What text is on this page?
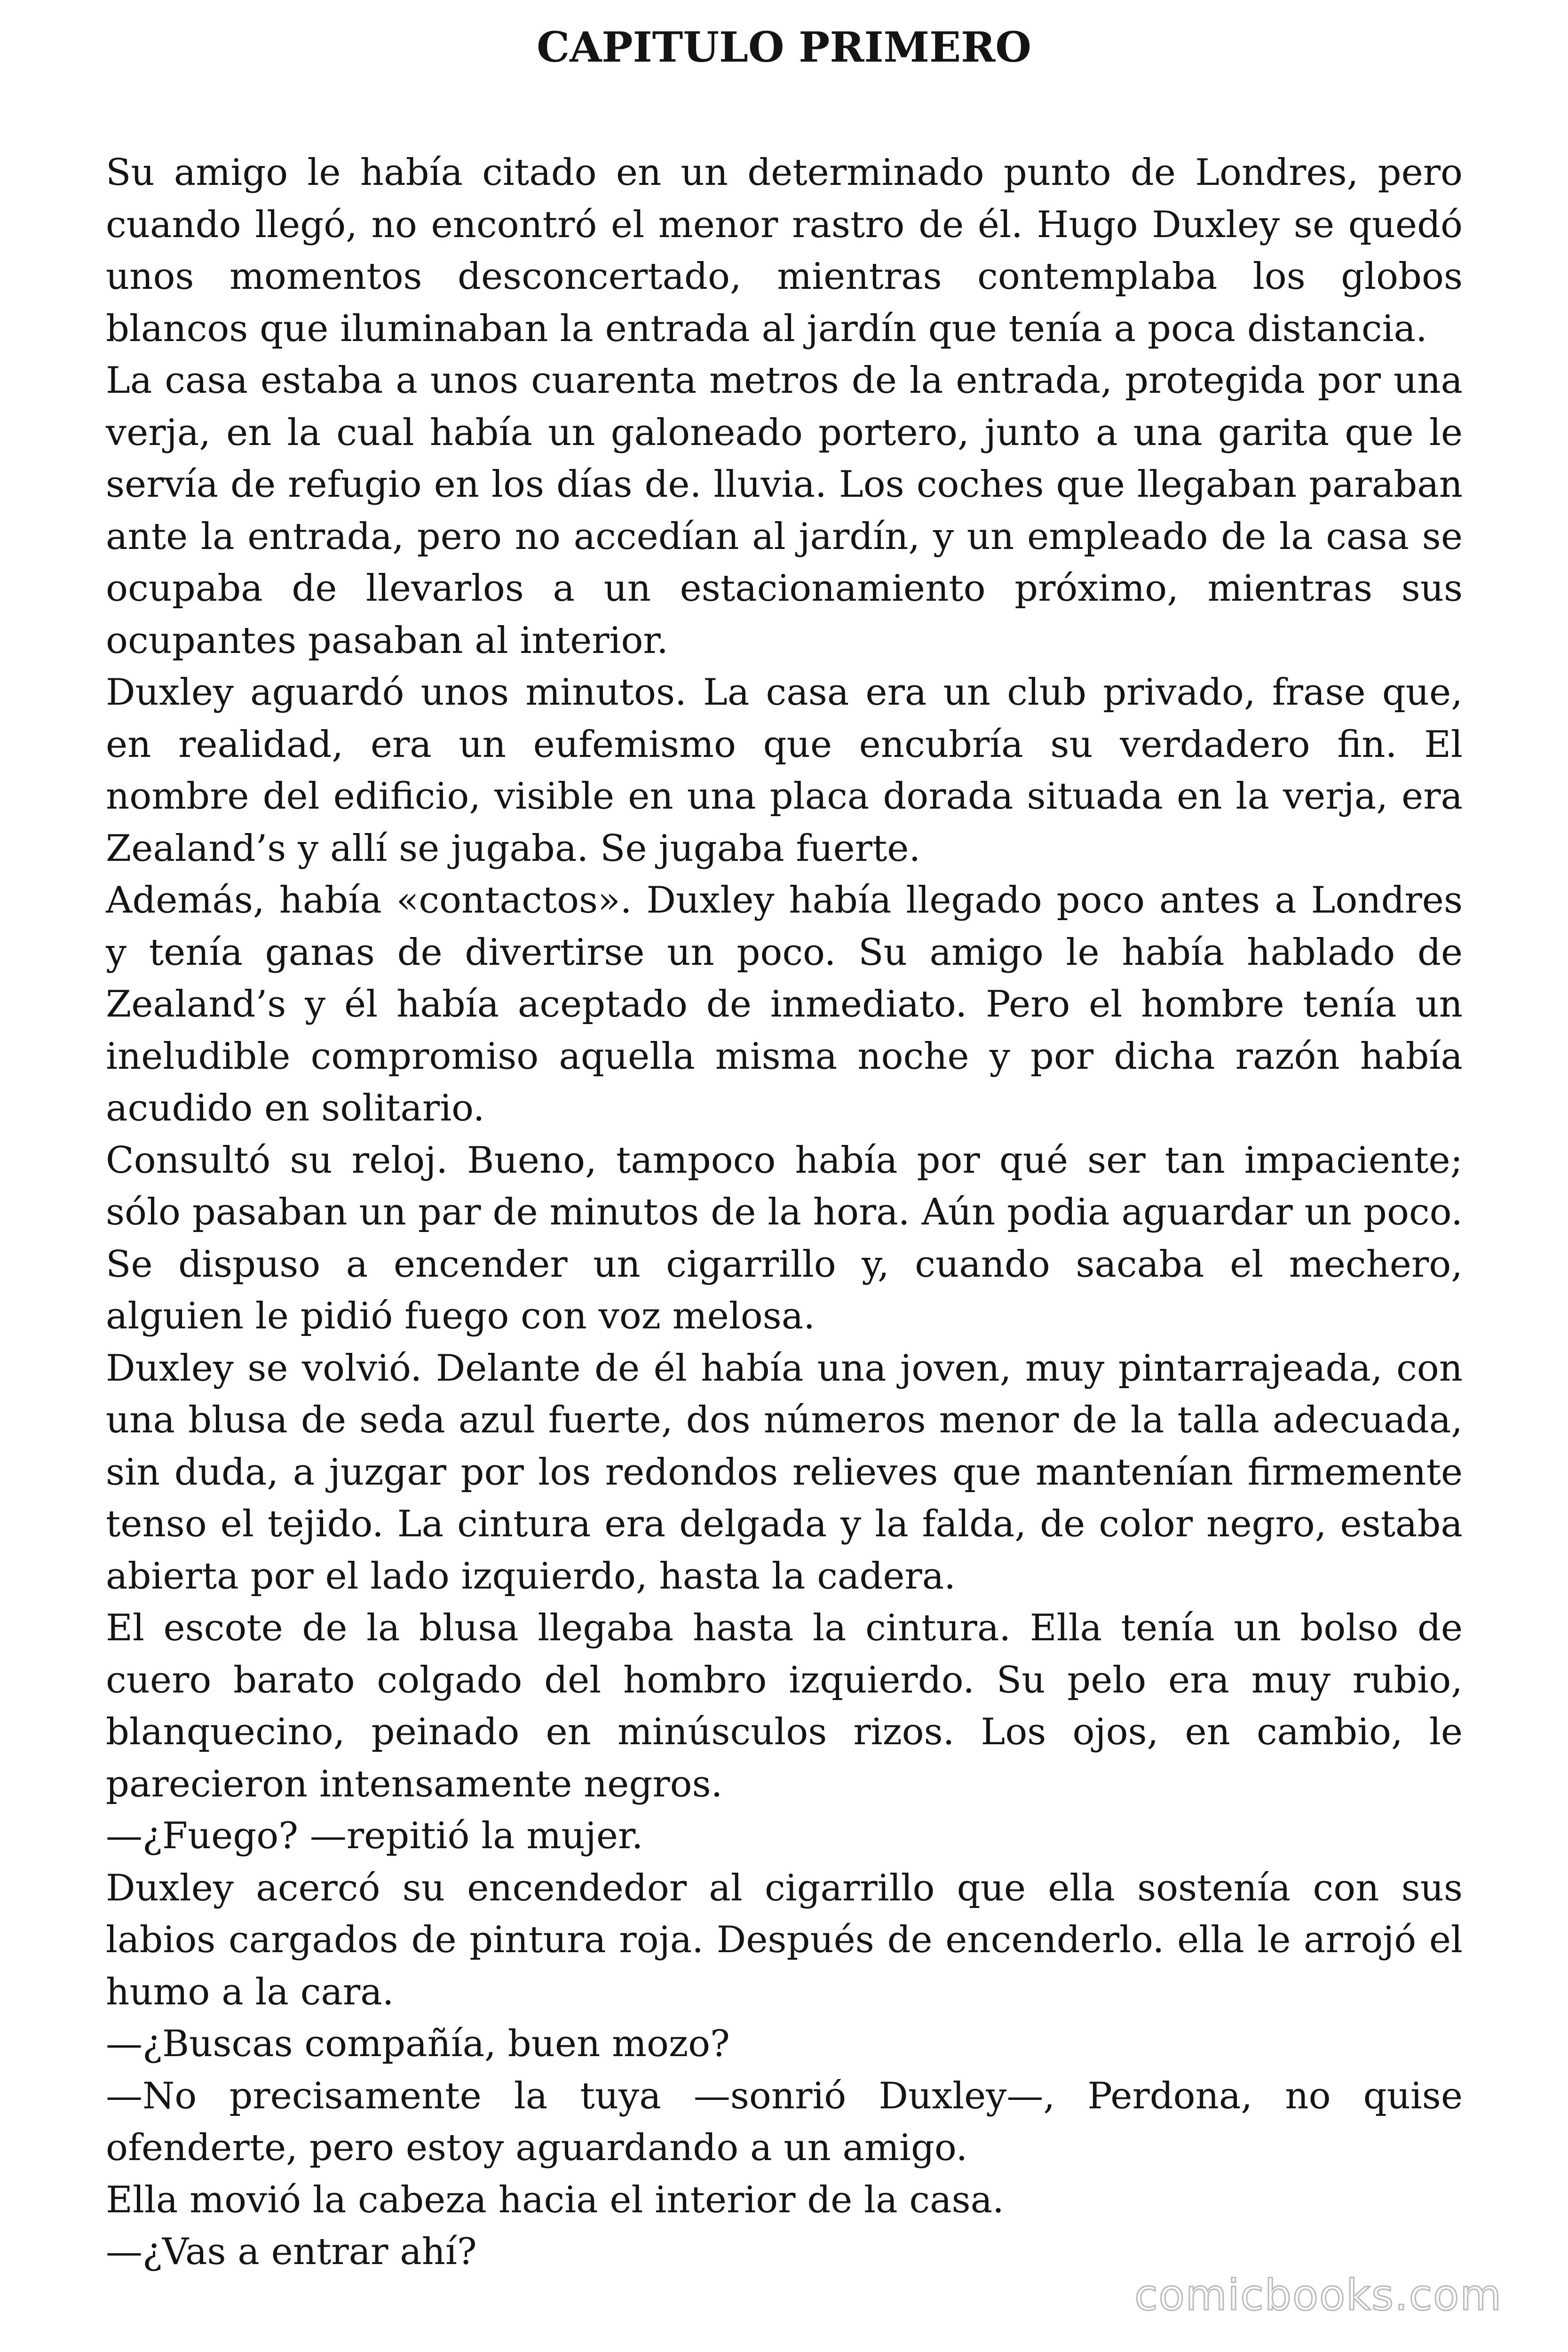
CAPITULO PRIMERO

Su amigo le había citado en un determinado punto de Londres, pero cuando llegó, no encontró el menor rastro de él. Hugo Duxley se quedó unos momentos desconcertado, mientras contemplaba los globos blancos que iluminaban la entrada al jardín que tenía a poca distancia.

La casa estaba a unos cuarenta metros de la entrada, protegida por una verja, en la cual había un galoneado portero, junto a una garita que le servía de refugio en los días de. lluvia. Los coches que llegaban paraban ante la entrada, pero no accedían al jardín, y un empleado de la casa se ocupaba de llevarlos a un estacionamiento próximo, mientras sus ocupantes pasaban al interior.

Duxley aguardó unos minutos. La casa era un club privado, frase que, en realidad, era un eufemismo que encubría su verdadero fin. El nombre del edificio, visible en una placa dorada situada en la verja, era Zealand’s y allí se jugaba. Se jugaba fuerte.

Además, había «contactos». Duxley había llegado poco antes a Londres y tenía ganas de divertirse un poco. Su amigo le había hablado de Zealand’s y él había aceptado de inmediato. Pero el hombre tenía un ineludible compromiso aquella misma noche y por dicha razón había acudido en solitario.

Consultó su reloj. Bueno, tampoco había por qué ser tan impaciente; sólo pasaban un par de minutos de la hora. Aún podia aguardar un poco. Se dispuso a encender un cigarrillo y, cuando sacaba el mechero, alguien le pidió fuego con voz melosa.

Duxley se volvió. Delante de él había una joven, muy pintarrajeada, con una blusa de seda azul fuerte, dos números menor de la talla adecuada, sin duda, a juzgar por los redondos relieves que mantenían firmemente tenso el tejido. La cintura era delgada y la falda, de color negro, estaba abierta por el lado izquierdo, hasta la cadera.

El escote de la blusa llegaba hasta la cintura. Ella tenía un bolso de cuero barato colgado del hombro izquierdo. Su pelo era muy rubio, blanquecino, peinado en minúsculos rizos. Los ojos, en cambio, le parecieron intensamente negros.

—¿Fuego? —repitió la mujer.

Duxley acercó su encendedor al cigarrillo que ella sostenía con sus labios cargados de pintura roja. Después de encenderlo. ella le arrojó el humo a la cara.

—¿Buscas compañía, buen mozo?

—No precisamente la tuya —sonrió Duxley—, Perdona, no quise ofenderte, pero estoy aguardando a un amigo.

Ella movió la cabeza hacia el interior de la casa.

—¿Vas a entrar ahí?

comicbooks.com
